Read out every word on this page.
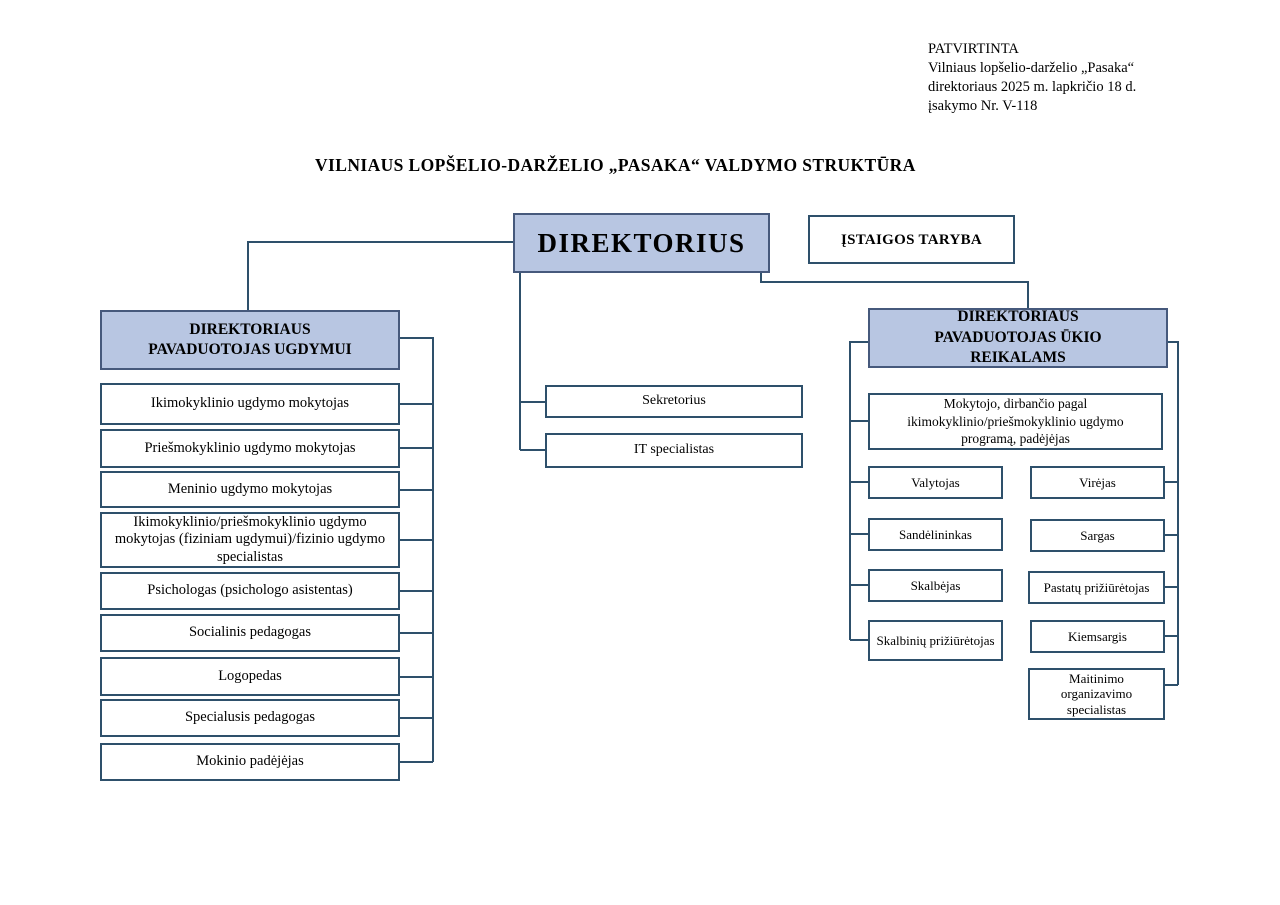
PATVIRTINTA
Vilniaus lopšelio-darželio „Pasaka“
direktoriaus 2025 m. lapkričio 18 d.
įsakymo Nr. V-118
VILNIAUS LOPŠELIO-DARŽELIO „PASAKA“ VALDYMO STRUKTŪRA
DIREKTORIUS	ĮSTAIGOS TARYBA
DIREKTORIAUS
PAVADUOTOJAS UGDYMUI
Ikimokyklinio ugdymo mokytojas
Priešmokyklinio ugdymo mokytojas
Meninio ugdymo mokytojas
Ikimokyklinio/priešmokyklinio ugdymo
mokytojas (fiziniam ugdymui)/fizinio ugdymo
specialistas
Psichologas (psichologo asistentas)
Socialinis pedagogas
Logopedas
Specialusis pedagogas
Mokinio padėjėjas
Sekretorius
IT specialistas
DIREKTORIAUS
PAVADUOTOJAS ŪKIO
REIKALAMS
Mokytojo, dirbančio pagal
ikimokyklinio/priešmokyklinio ugdymo
programą, padėjėjas
Valytojas
Sandėlininkas
Skalbėjas
Skalbinių prižiūrėtojas
Virėjas
Sargas
Pastatų prižiūrėtojas
Kiemsargis
Maitinimo organizavimo specialistas
